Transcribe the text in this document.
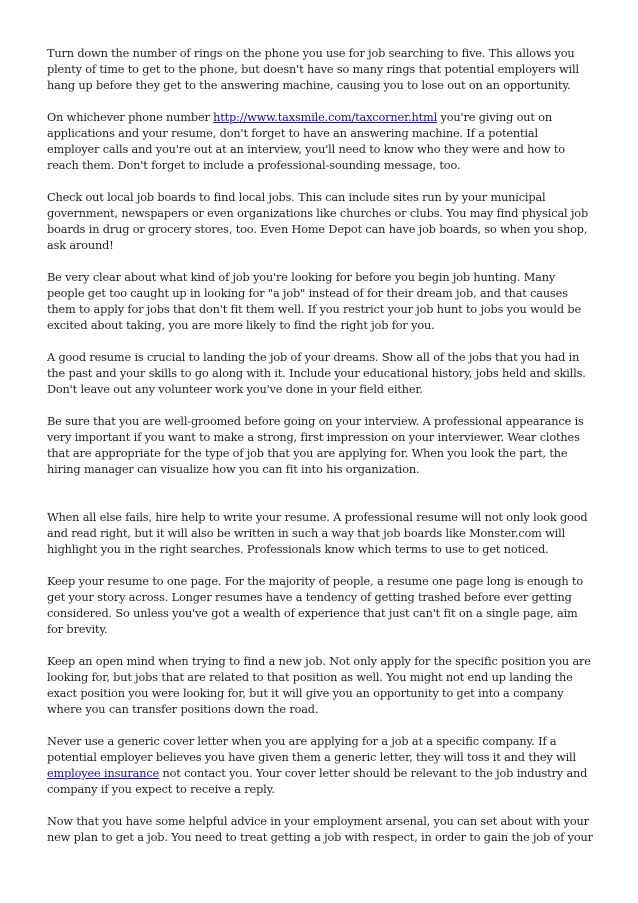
Turn down the number of rings on the phone you use for job searching to five. This allows you plenty of time to get to the phone, but doesn't have so many rings that potential employers will hang up before they get to the answering machine, causing you to lose out on an opportunity.

On whichever phone number http://www.taxsmile.com/taxcorner.html you're giving out on applications and your resume, don't forget to have an answering machine. If a potential employer calls and you're out at an interview, you'll need to know who they were and how to reach them. Don't forget to include a professional-sounding message, too.

Check out local job boards to find local jobs. This can include sites run by your municipal government, newspapers or even organizations like churches or clubs. You may find physical job boards in drug or grocery stores, too. Even Home Depot can have job boards, so when you shop, ask around!

Be very clear about what kind of job you're looking for before you begin job hunting. Many people get too caught up in looking for "a job" instead of for their dream job, and that causes them to apply for jobs that don't fit them well. If you restrict your job hunt to jobs you would be excited about taking, you are more likely to find the right job for you.

A good resume is crucial to landing the job of your dreams. Show all of the jobs that you had in the past and your skills to go along with it. Include your educational history, jobs held and skills. Don't leave out any volunteer work you've done in your field either.

Be sure that you are well-groomed before going on your interview. A professional appearance is very important if you want to make a strong, first impression on your interviewer. Wear clothes that are appropriate for the type of job that you are applying for. When you look the part, the hiring manager can visualize how you can fit into his organization.

When all else fails, hire help to write your resume. A professional resume will not only look good and read right, but it will also be written in such a way that job boards like Monster.com will highlight you in the right searches. Professionals know which terms to use to get noticed.

Keep your resume to one page. For the majority of people, a resume one page long is enough to get your story across. Longer resumes have a tendency of getting trashed before ever getting considered. So unless you've got a wealth of experience that just can't fit on a single page, aim for brevity.

Keep an open mind when trying to find a new job. Not only apply for the specific position you are looking for, but jobs that are related to that position as well. You might not end up landing the exact position you were looking for, but it will give you an opportunity to get into a company where you can transfer positions down the road.

Never use a generic cover letter when you are applying for a job at a specific company. If a potential employer believes you have given them a generic letter, they will toss it and they will employee insurance not contact you. Your cover letter should be relevant to the job industry and company if you expect to receive a reply.

Now that you have some helpful advice in your employment arsenal, you can set about with your new plan to get a job. You need to treat getting a job with respect, in order to gain the job of your
